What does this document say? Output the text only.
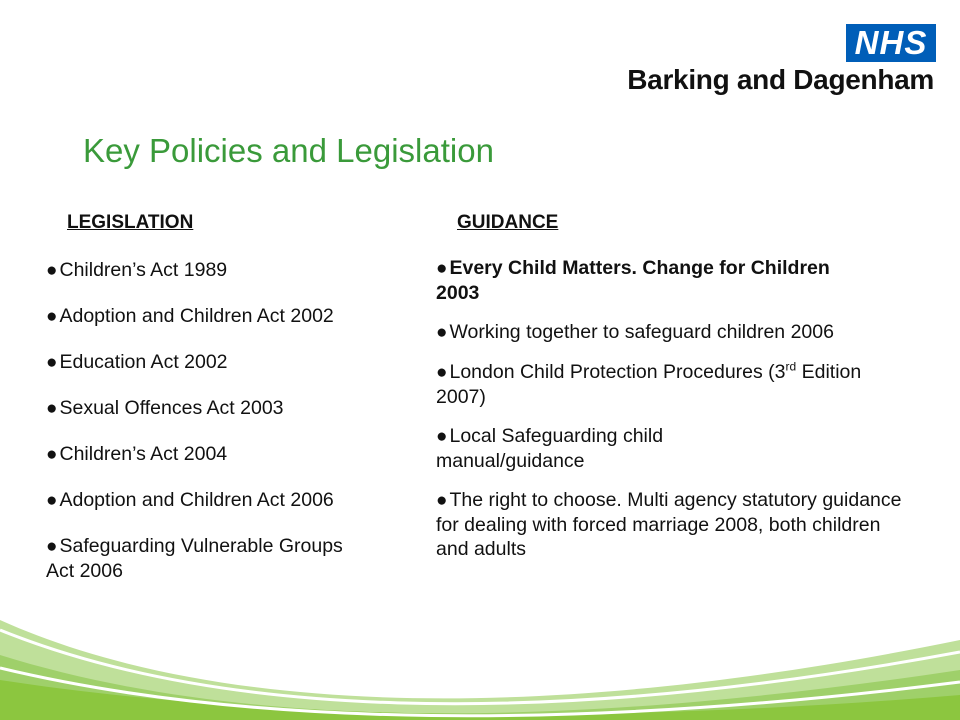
NHS
Barking and Dagenham
Key Policies and Legislation
LEGISLATION	GUIDANCE
● Children’s Act 1989
● Adoption and Children Act 2002
● Education Act 2002
● Sexual Offences Act 2003
● Children’s Act 2004
● Adoption and Children Act 2006
● Safeguarding Vulnerable Groups Act 2006
● Every Child Matters. Change for Children 2003
● Working together to safeguard children 2006
● London Child Protection Procedures (3rd Edition 2007)
● Local Safeguarding child manual/guidance
● The right to choose. Multi agency statutory guidance for dealing with forced marriage 2008, both children and adults
